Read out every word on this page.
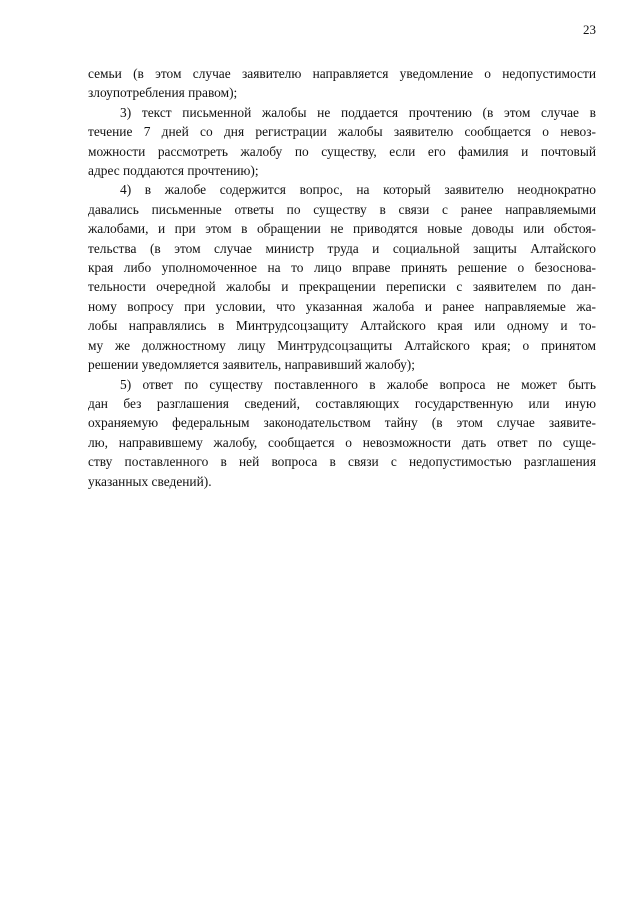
23

семьи (в этом случае заявителю направляется уведомление о недопустимости
злоупотребления правом);

3) текст письменной жалобы не поддается прочтению (в этом случае в
течение 7 дней со дня регистрации жалобы заявителю сообщается о невоз-
можности рассмотреть жалобу по существу, если его фамилия и почтовый
адрес поддаются прочтению);

4) в жалобе содержится вопрос, на который заявителю неоднократно
давались письменные ответы по существу в связи с ранее направляемыми
жалобами, и при этом в обращении не приводятся новые доводы или обстоя-
тельства (в этом случае министр труда и социальной защиты Алтайского
края либо уполномоченное на то лицо вправе принять решение о безоснова-
тельности очередной жалобы и прекращении переписки с заявителем по дан-
ному вопросу при условии, что указанная жалоба и ранее направляемые жа-
лобы направлялись в Минтрудсоцзащиту Алтайского края или одному и то-
му же должностному лицу Минтрудсоцзащиты Алтайского края; о принятом
решении уведомляется заявитель, направивший жалобу);

5) ответ по существу поставленного в жалобе вопроса не может быть
дан без разглашения сведений, составляющих государственную или иную
охраняемую федеральным законодательством тайну (в этом случае заявите-
лю, направившему жалобу, сообщается о невозможности дать ответ по суще-
ству поставленного в ней вопроса в связи с недопустимостью разглашения
указанных сведений).
